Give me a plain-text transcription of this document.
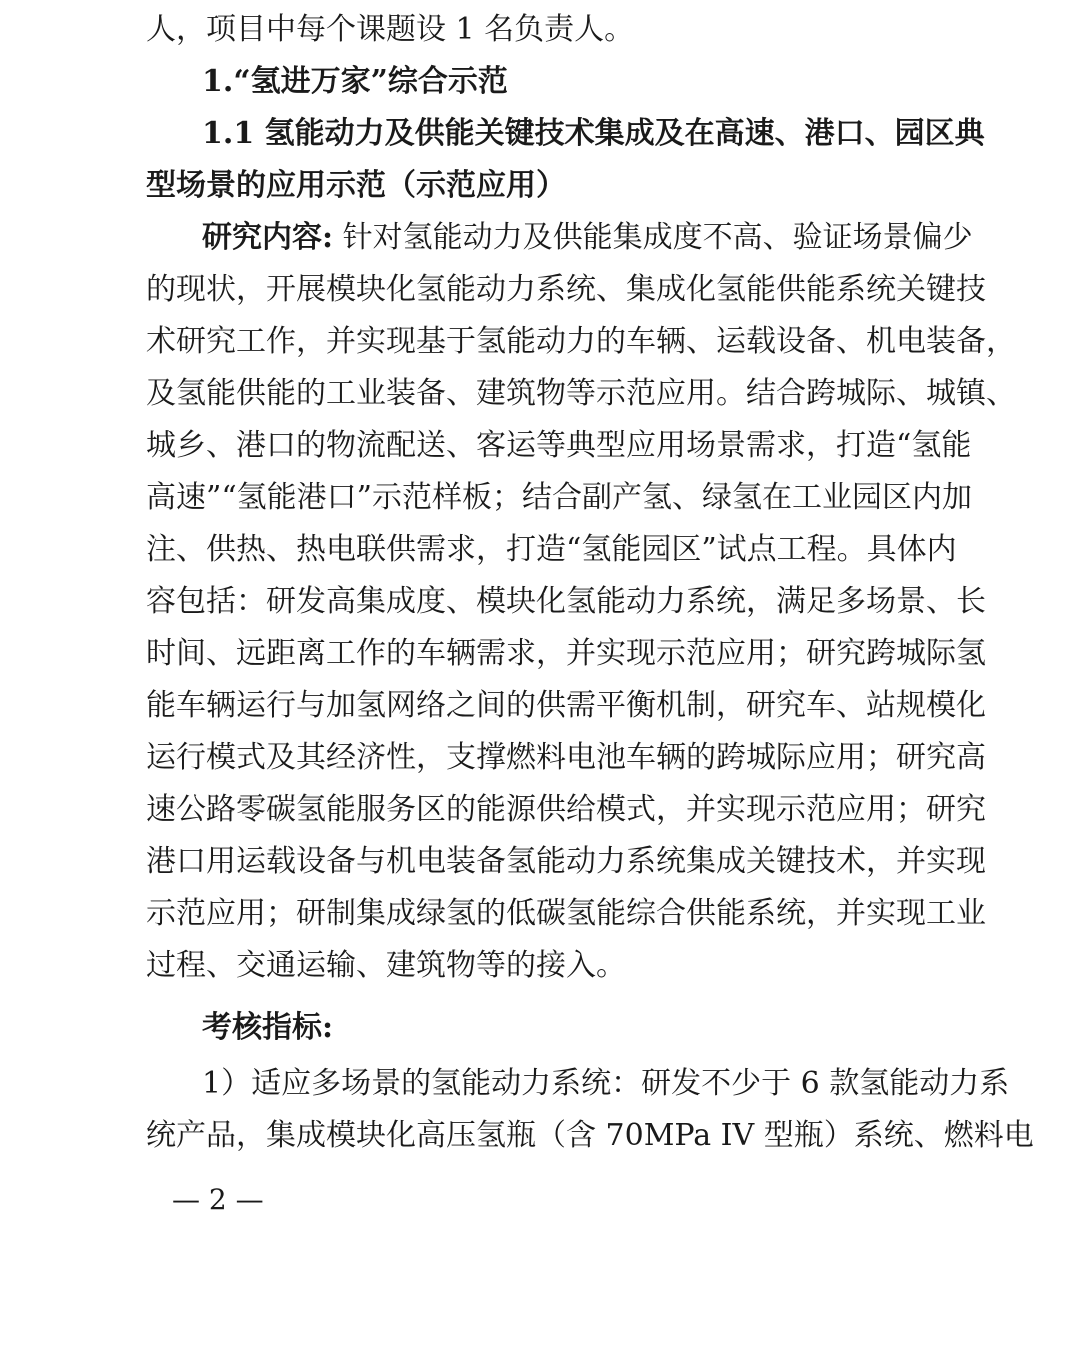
人，项目中每个课题设 1 名负责人。
1.“氢进万家”综合示范
1.1 氢能动力及供能关键技术集成及在高速、港口、园区典
型场景的应用示范（示范应用）
研究内容: 针对氢能动力及供能集成度不高、验证场景偏少
的现状，开展模块化氢能动力系统、集成化氢能供能系统关键技
术研究工作，并实现基于氢能动力的车辆、运载设备、机电装备，
及氢能供能的工业装备、建筑物等示范应用。结合跨城际、城镇、
城乡、港口的物流配送、客运等典型应用场景需求，打造“氢能
高速”“氢能港口”示范样板；结合副产氢、绿氢在工业园区内加
注、供热、热电联供需求，打造“氢能园区”试点工程。具体内
容包括：研发高集成度、模块化氢能动力系统，满足多场景、长
时间、远距离工作的车辆需求，并实现示范应用；研究跨城际氢
能车辆运行与加氢网络之间的供需平衡机制，研究车、站规模化
运行模式及其经济性，支撑燃料电池车辆的跨城际应用；研究高
速公路零碳氢能服务区的能源供给模式，并实现示范应用；研究
港口用运载设备与机电装备氢能动力系统集成关键技术，并实现
示范应用；研制集成绿氢的低碳氢能综合供能系统，并实现工业
过程、交通运输、建筑物等的接入。
考核指标:
1）适应多场景的氢能动力系统：研发不少于 6 款氢能动力系
统产品，集成模块化高压氢瓶（含 70MPa IV 型瓶）系统、燃料电
— 2 —
